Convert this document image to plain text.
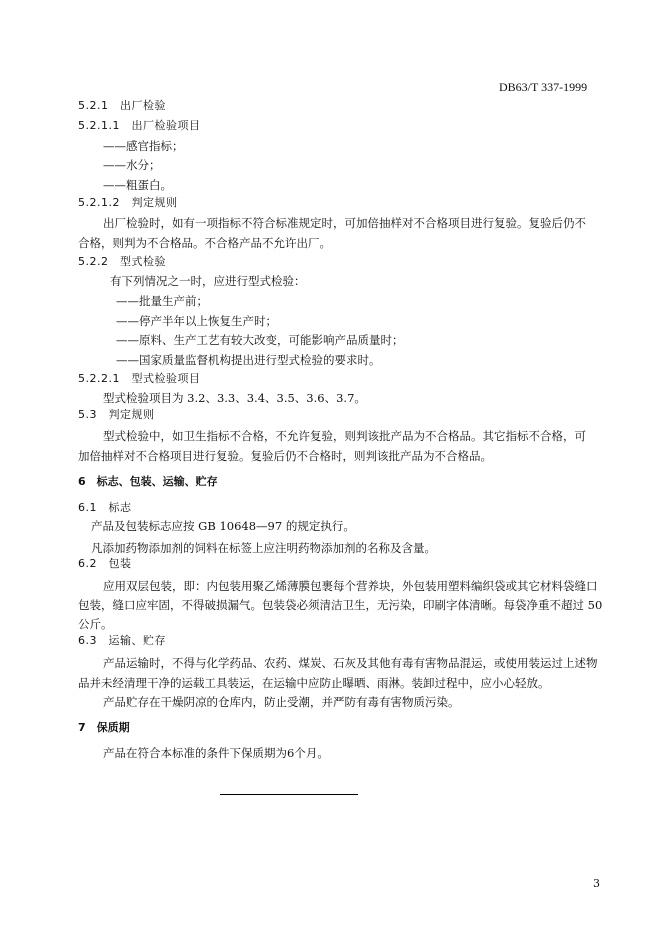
DB63/T 337-1999
5.2.1　出厂检验
5.2.1.1　出厂检验项目
——感官指标；
——水分；
——粗蛋白。
5.2.1.2　判定规则
出厂检验时，如有一项指标不符合标准规定时，可加倍抽样对不合格项目进行复验。复验后仍不
合格，则判为不合格品。不合格产品不允许出厂。
5.2.2　型式检验
有下列情况之一时，应进行型式检验：
——批量生产前；
——停产半年以上恢复生产时；
——原料、生产工艺有较大改变，可能影响产品质量时；
——国家质量监督机构提出进行型式检验的要求时。
5.2.2.1　型式检验项目
型式检验项目为 3.2、3.3、3.4、3.5、3.6、3.7。
5.3　判定规则
型式检验中，如卫生指标不合格，不允许复验，则判该批产品为不合格品。其它指标不合格，可
加倍抽样对不合格项目进行复验。复验后仍不合格时，则判该批产品为不合格品。
6　标志、包装、运输、贮存
6.1　标志
产品及包装标志应按 GB 10648—97 的规定执行。
凡添加药物添加剂的饲料在标签上应注明药物添加剂的名称及含量。
6.2　包装
应用双层包装，即：内包装用聚乙烯薄膜包裹每个营养块，外包装用塑料编织袋或其它材料袋缝口
包装，缝口应牢固，不得破损漏气。包装袋必须清洁卫生，无污染，印刷字体清晰。每袋净重不超过 50
公斤。
6.3　运输、贮存
产品运输时，不得与化学药品、农药、煤炭、石灰及其他有毒有害物品混运，或使用装运过上述物
品并未经清理干净的运载工具装运，在运输中应防止曝晒、雨淋。装卸过程中，应小心轻放。
产品贮存在干燥阴凉的仓库内，防止受潮，并严防有毒有害物质污染。
7　保质期
产品在符合本标准的条件下保质期为6个月。
3
